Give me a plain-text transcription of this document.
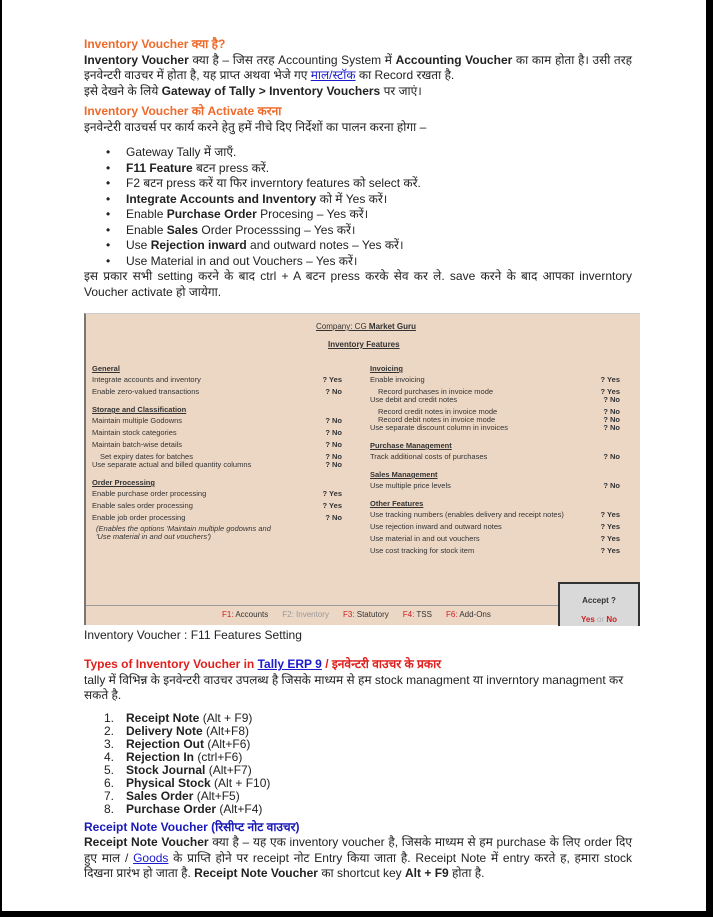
Inventory Voucher क्या है?

Inventory Voucher क्या है – जिस तरह Accounting System में Accounting Voucher का काम होता है। उसी तरह इनवेन्टरी वाउचर में होता है, यह प्राप्त अथवा भेजे गए माल/स्टॉक का Record रखता है.

इसे देखने के लिये Gateway of Tally > Inventory Vouchers पर जाएं।

Inventory Voucher को Activate करना

इनवेन्टेरी वाउचर्स पर कार्य करने हेतु हमें नीचे दिए निर्देशों का पालन करना होगा –

• Gateway Tally में जाएँ.
• F11 Feature बटन press करें.
• F2 बटन press करें या फिर inverntory features को select करें.
• Integrate Accounts and Inventory को में Yes करें।
• Enable Purchase Order Procesing – Yes करें।
• Enable Sales Order Processsing – Yes करें।
• Use Rejection inward and outward notes – Yes करें।
• Use Material in and out Vouchers – Yes करें।

इस प्रकार सभी setting करने के बाद ctrl + A बटन press करके सेव कर ले. save करने के बाद आपका inverntory Voucher activate हो जायेगा.

Company: CG Market Guru
Inventory Features
General
Integrate accounts and inventory	? Yes
Enable zero-valued transactions	? No
Storage and Classification
Maintain multiple Godowns	? No
Maintain stock categories	? No
Maintain batch-wise details	? No
Set expiry dates for batches	? No
Use separate actual and billed quantity columns	? No
Order Processing
Enable purchase order processing	? Yes
Enable sales order processing	? Yes
Enable job order processing	? No
(Enables the options 'Maintain multiple godowns and 'Use material in and out vouchers')
Invoicing
Enable invoicing	? Yes
Record purchases in invoice mode	? Yes
Use debit and credit notes	? No
Record credit notes in invoice mode	? No
Record debit notes in invoice mode	? No
Use separate discount column in invoices	? No
Purchase Management
Track additional costs of purchases	? No
Sales Management
Use multiple price levels	? No
Other Features
Use tracking numbers (enables delivery and receipt notes)	? Yes
Use rejection inward and outward notes	? Yes
Use material in and out vouchers	? Yes
Use cost tracking for stock item	? Yes
F1: Accounts F2: Inventory F3: Statutory F4: TSS F6: Add-Ons
Accept ?
Yes or No
Inventory Voucher : F11 Features Setting
Types of Inventory Voucher in Tally ERP 9 / इनवेन्टरी वाउचर के प्रकार

tally में विभिन्न के इनवेन्टरी वाउचर उपलब्ध है जिसके माध्यम से हम stock managment या inverntory managment कर सकते है.

1. Receipt Note (Alt + F9)
2. Delivery Note (Alt+F8)
3. Rejection Out (Alt+F6)
4. Rejection In (ctrl+F6)
5. Stock Journal (Alt+F7)
6. Physical Stock (Alt + F10)
7. Sales Order (Alt+F5)
8. Purchase Order (Alt+F4)
Receipt Note Voucher (रिसीप्ट नोट वाउचर)

Receipt Note Voucher क्या है – यह एक inventory voucher है, जिसके माध्यम से हम purchase के लिए order दिए हुए माल / Goods के प्राप्ति होने पर receipt नोट Entry किया जाता है. Receipt Note में entry करते ह, हमारा stock दिखना प्रारंभ हो जाता है. Receipt Note Voucher का shortcut key Alt + F9 होता है.
